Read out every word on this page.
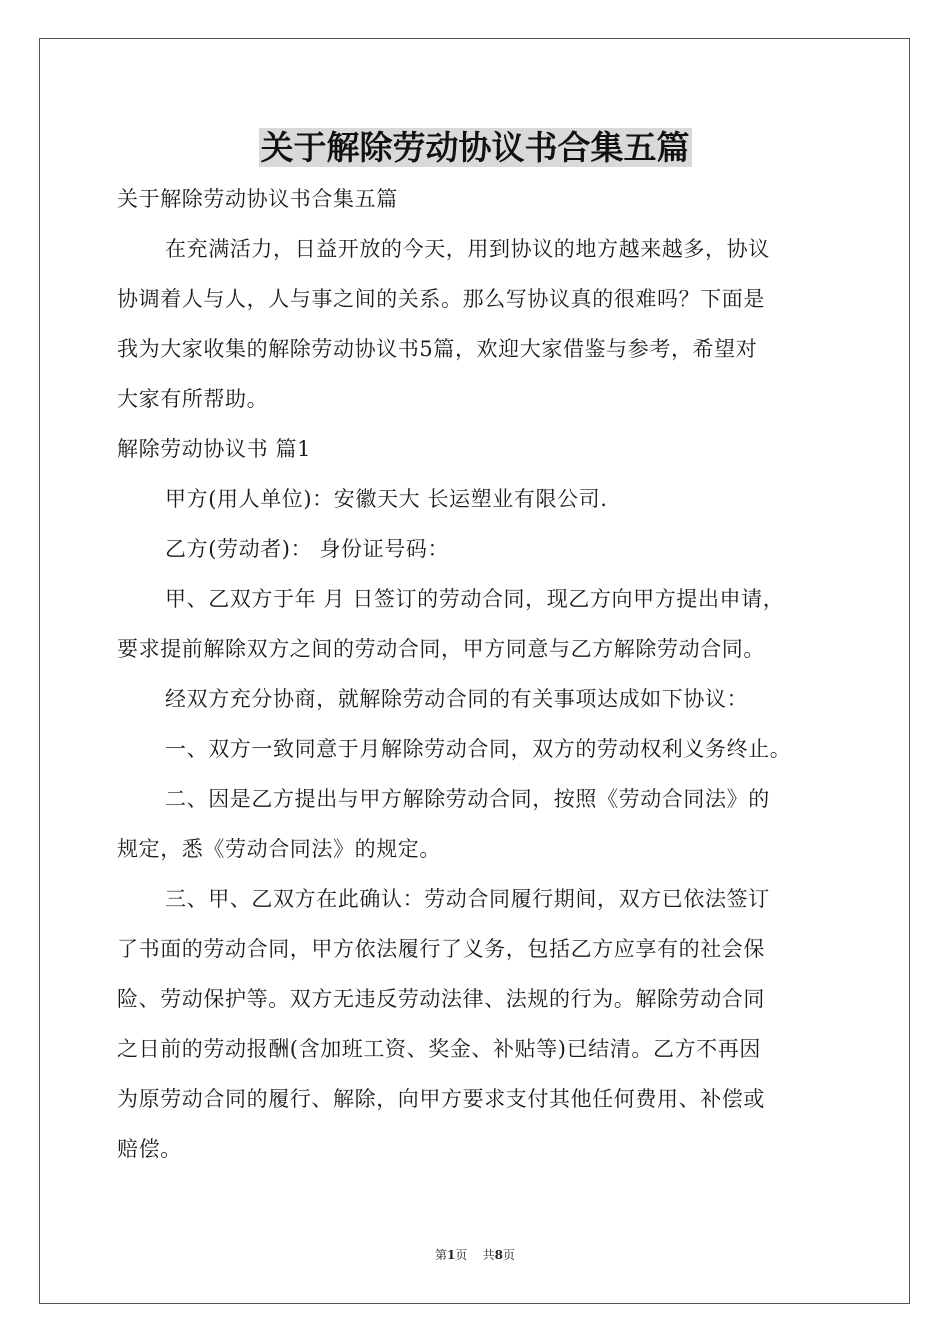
关于解除劳动协议书合集五篇
关于解除劳动协议书合集五篇
在充满活力，日益开放的今天，用到协议的地方越来越多，协议
协调着人与人，人与事之间的关系。那么写协议真的很难吗？下面是
我为大家收集的解除劳动协议书5篇，欢迎大家借鉴与参考，希望对
大家有所帮助。
解除劳动协议书 篇1
甲方(用人单位)：安徽天大 长运塑业有限公司.
乙方(劳动者)： 身份证号码：
甲、乙双方于年 月 日签订的劳动合同，现乙方向甲方提出申请，
要求提前解除双方之间的劳动合同，甲方同意与乙方解除劳动合同。
经双方充分协商，就解除劳动合同的有关事项达成如下协议：
一、双方一致同意于月解除劳动合同，双方的劳动权利义务终止。
二、因是乙方提出与甲方解除劳动合同，按照《劳动合同法》的
规定，悉《劳动合同法》的规定。
三、甲、乙双方在此确认：劳动合同履行期间，双方已依法签订
了书面的劳动合同，甲方依法履行了义务，包括乙方应享有的社会保
险、劳动保护等。双方无违反劳动法律、法规的行为。解除劳动合同
之日前的劳动报酬(含加班工资、奖金、补贴等)已结清。乙方不再因
为原劳动合同的履行、解除，向甲方要求支付其他任何费用、补偿或
赔偿。
第1页 共8页
